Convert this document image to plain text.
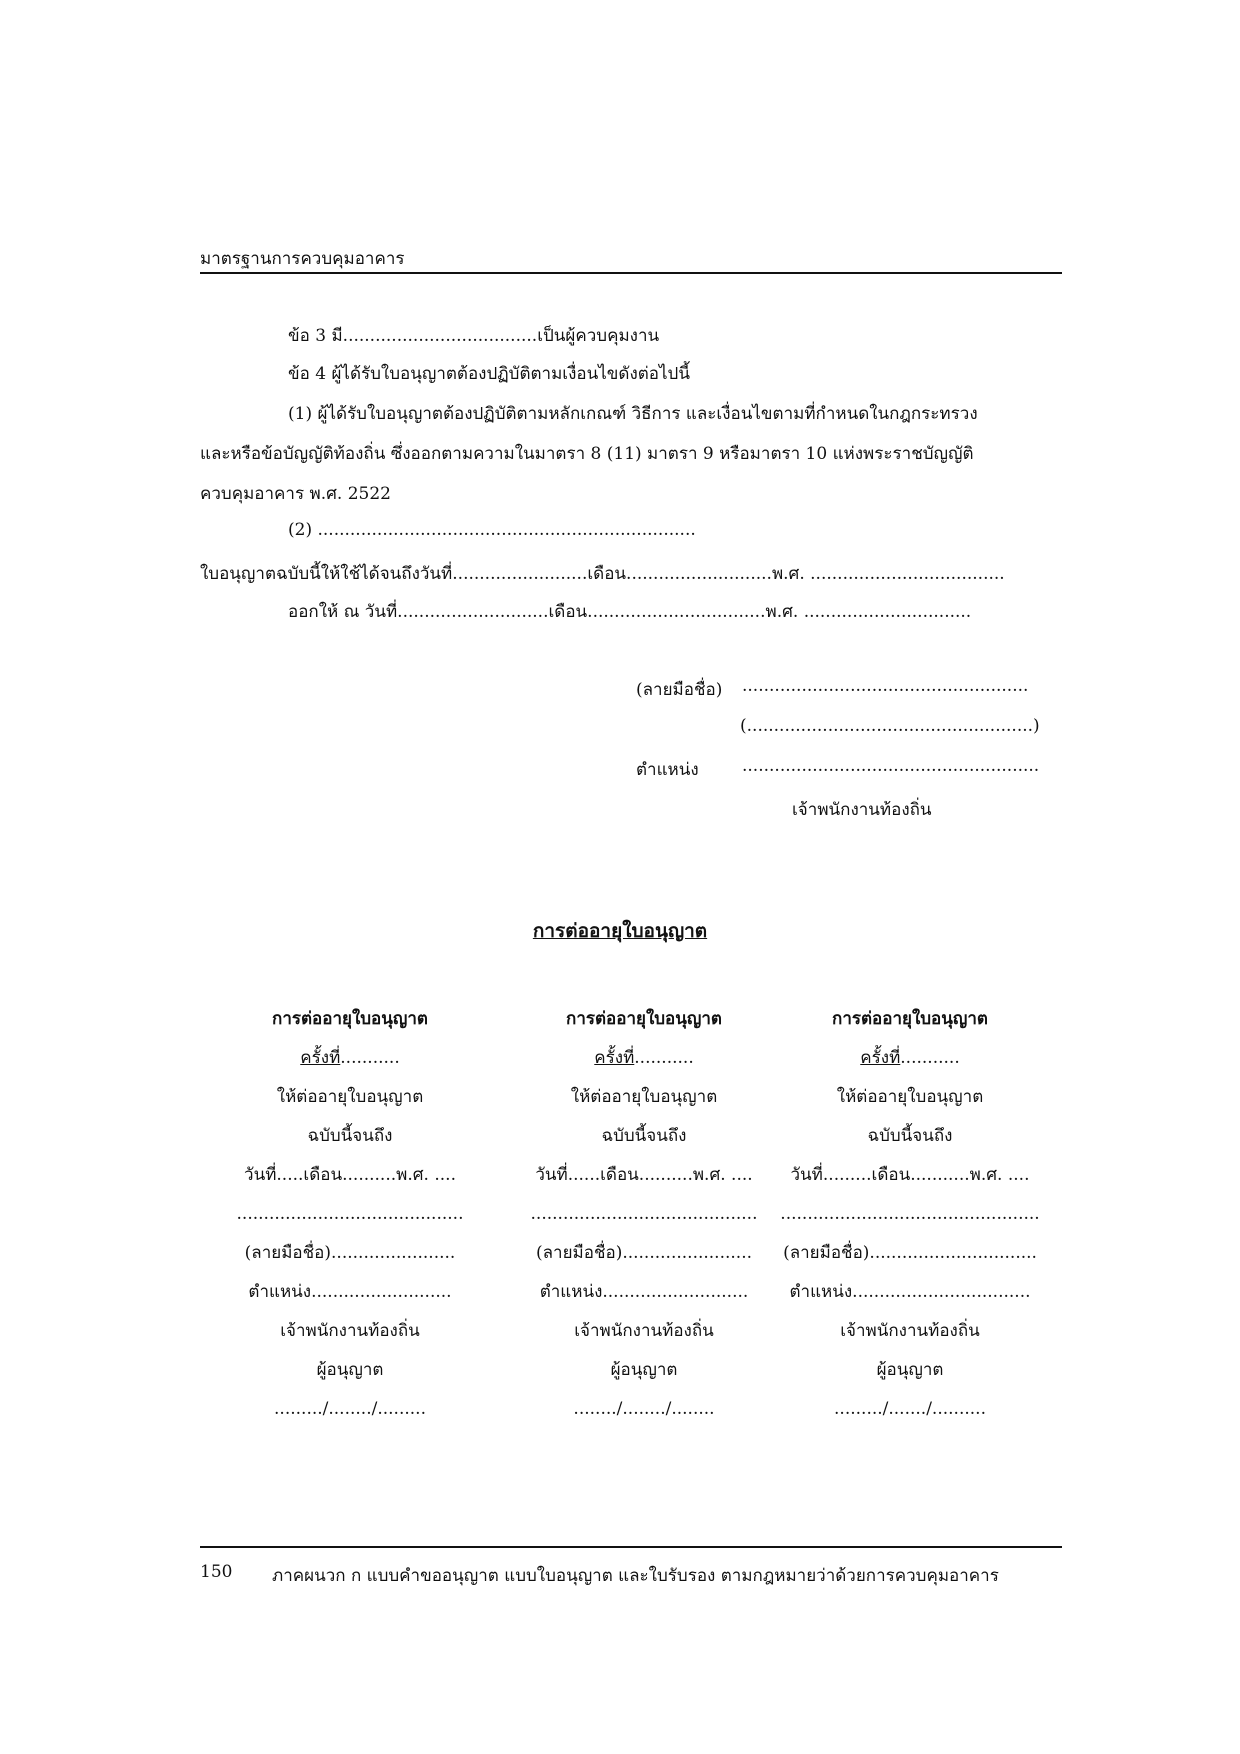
มาตรฐานการควบคุมอาคาร
ข้อ 3 มี....................................เป็นผู้ควบคุมงาน
ข้อ 4 ผู้ได้รับใบอนุญาตต้องปฏิบัติตามเงื่อนไขดังต่อไปนี้
(1) ผู้ได้รับใบอนุญาตต้องปฏิบัติตามหลักเกณฑ์ วิธีการ และเงื่อนไขตามที่กำหนดในกฎกระทรวง
และหรือข้อบัญญัติท้องถิ่น ซึ่งออกตามความในมาตรา 8 (11) มาตรา 9 หรือมาตรา 10 แห่งพระราชบัญญัติ
ควบคุมอาคาร พ.ศ. 2522
(2) ......................................................................
ใบอนุญาตฉบับนี้ให้ใช้ได้จนถึงวันที่.........................เดือน...........................พ.ศ. ....................................
ออกให้ ณ วันที่............................เดือน.................................พ.ศ. ...............................
(ลายมือชื่อ) .....................................................
(.....................................................)
ตำแหน่ง	.......................................................
เจ้าพนักงานท้องถิ่น
การต่ออายุใบอนุญาต
การต่ออายุใบอนุญาต
ครั้งที่...........
ให้ต่ออายุใบอนุญาต
ฉบับนี้จนถึง
วันที่.....เดือน..........พ.ศ. ....
..........................................
(ลายมือชื่อ).......................
ตำแหน่ง..........................
เจ้าพนักงานท้องถิ่น
ผู้อนุญาต
........./......../.........
การต่ออายุใบอนุญาต
ครั้งที่...........
ให้ต่ออายุใบอนุญาต
ฉบับนี้จนถึง
วันที่......เดือน..........พ.ศ. ....
..........................................
(ลายมือชื่อ)........................
ตำแหน่ง...........................
เจ้าพนักงานท้องถิ่น
ผู้อนุญาต
......../......../........
การต่ออายุใบอนุญาต
ครั้งที่...........
ให้ต่ออายุใบอนุญาต
ฉบับนี้จนถึง
วันที่.........เดือน...........พ.ศ. ....
................................................
(ลายมือชื่อ)...............................
ตำแหน่ง.................................
เจ้าพนักงานท้องถิ่น
ผู้อนุญาต
........./......./..........
150 ภาคผนวก ก แบบคำขออนุญาต แบบใบอนุญาต และใบรับรอง ตามกฎหมายว่าด้วยการควบคุมอาคาร
